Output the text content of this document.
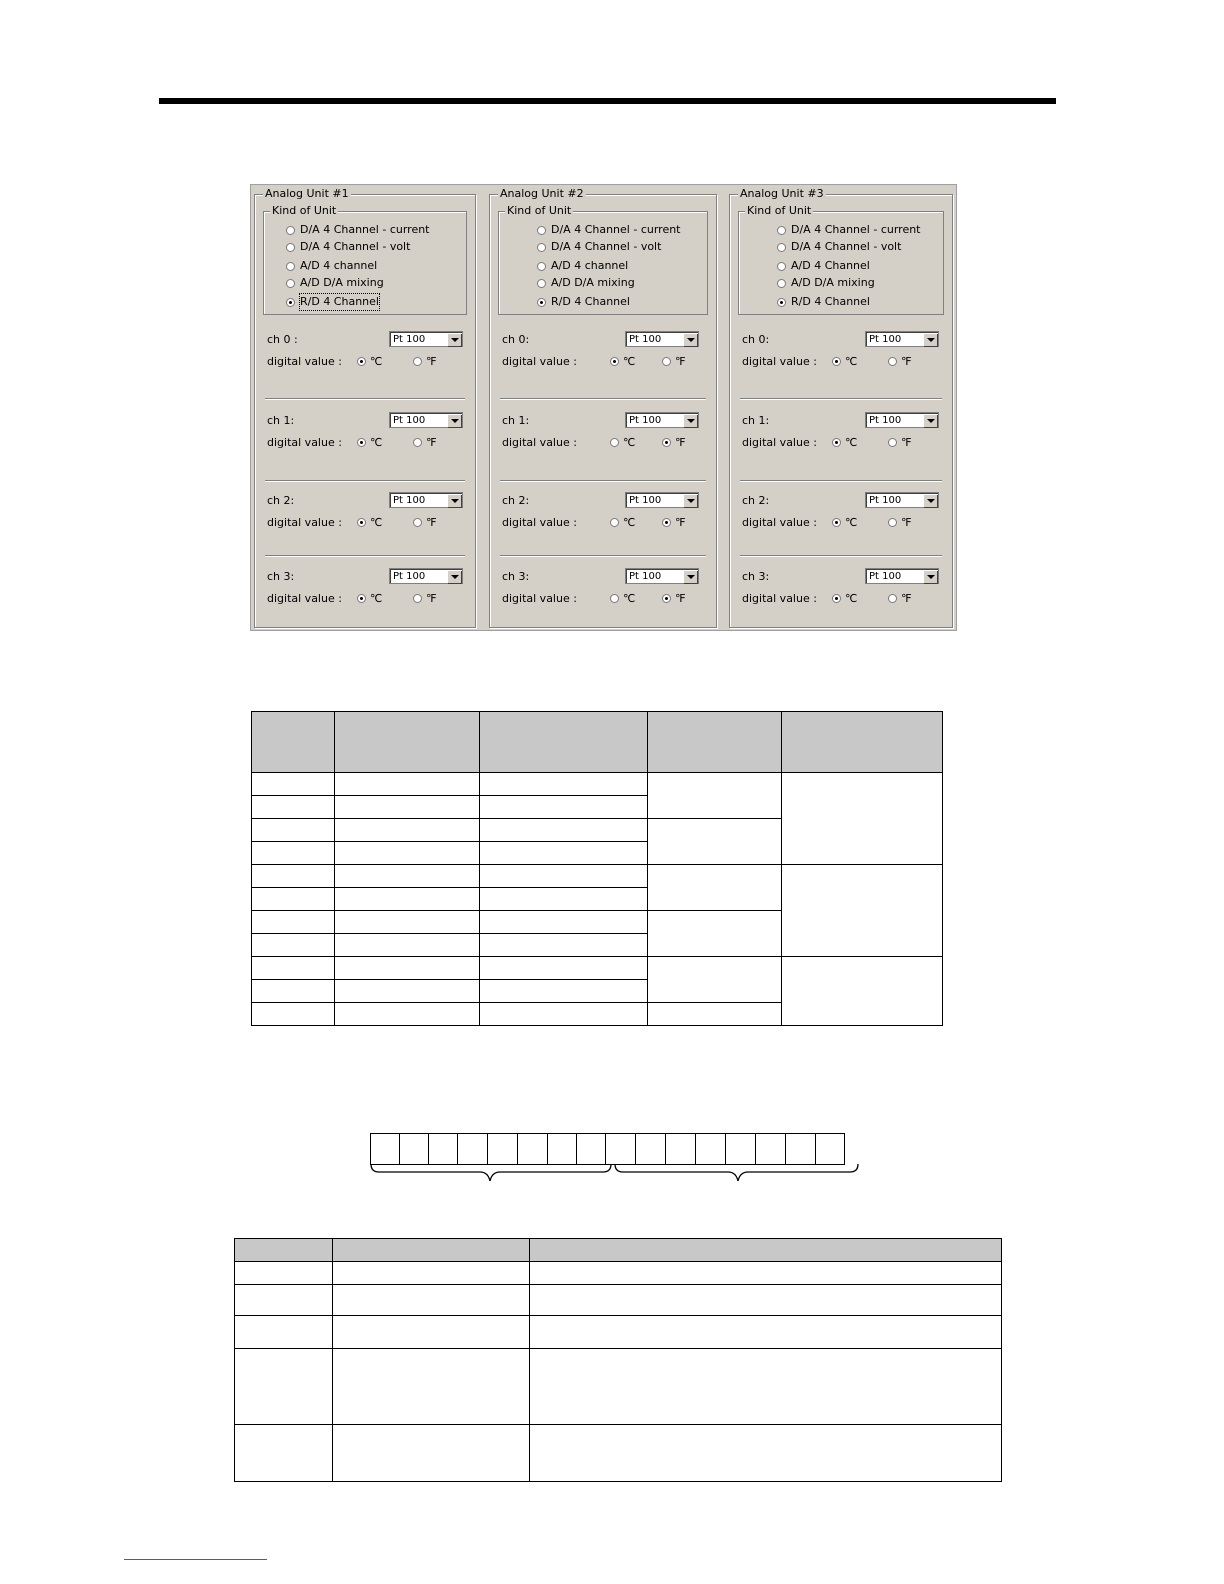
Analog Unit #1
Kind of Unit
D/A 4 Channel - current
D/A 4 Channel - volt
A/D 4 channel
A/D D/A mixing
R/D 4 Channel
ch 0 :
digital value :
Pt 100
℃	℉
ch 1:
digital value :
Pt 100
℃	℉
ch 2:
digital value :
Pt 100
℃	℉
ch 3:
digital value :
Pt 100
℃	℉
Analog Unit #2
Kind of Unit
D/A 4 Channel - current
D/A 4 Channel - volt
A/D 4 channel
A/D D/A mixing
R/D 4 Channel
ch 0:
digital value :
Pt 100
℃	℉
ch 1:
digital value :
Pt 100
℃	℉
ch 2:
digital value :
Pt 100
℃	℉
ch 3:
digital value :
Pt 100
℃	℉
Analog Unit #3
Kind of Unit
D/A 4 Channel - current
D/A 4 Channel - volt
A/D 4 Channel
A/D D/A mixing
R/D 4 Channel
ch 0:
digital value :
Pt 100
℃	℉
ch 1:
digital value :
Pt 100
℃	℉
ch 2:
digital value :
Pt 100
℃	℉
ch 3:
digital value :
Pt 100
℃	℉
